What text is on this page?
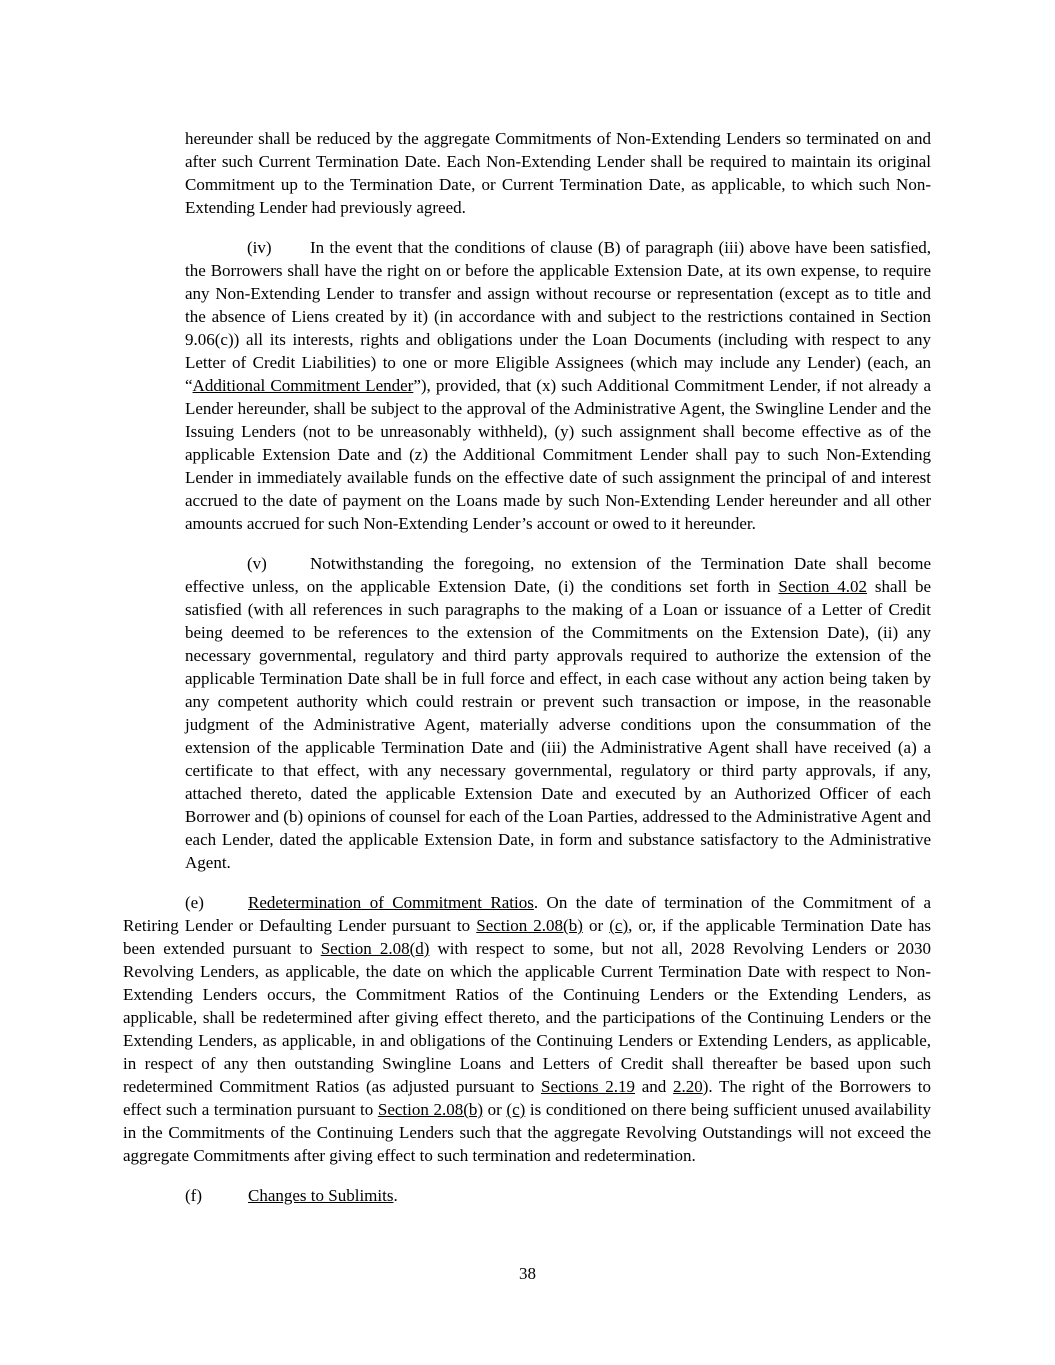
hereunder shall be reduced by the aggregate Commitments of Non-Extending Lenders so terminated on and after such Current Termination Date. Each Non-Extending Lender shall be required to maintain its original Commitment up to the Termination Date, or Current Termination Date, as applicable, to which such Non-Extending Lender had previously agreed.

(iv) In the event that the conditions of clause (B) of paragraph (iii) above have been satisfied, the Borrowers shall have the right on or before the applicable Extension Date, at its own expense, to require any Non-Extending Lender to transfer and assign without recourse or representation (except as to title and the absence of Liens created by it) (in accordance with and subject to the restrictions contained in Section 9.06(c)) all its interests, rights and obligations under the Loan Documents (including with respect to any Letter of Credit Liabilities) to one or more Eligible Assignees (which may include any Lender) (each, an “Additional Commitment Lender”), provided, that (x) such Additional Commitment Lender, if not already a Lender hereunder, shall be subject to the approval of the Administrative Agent, the Swingline Lender and the Issuing Lenders (not to be unreasonably withheld), (y) such assignment shall become effective as of the applicable Extension Date and (z) the Additional Commitment Lender shall pay to such Non-Extending Lender in immediately available funds on the effective date of such assignment the principal of and interest accrued to the date of payment on the Loans made by such Non-Extending Lender hereunder and all other amounts accrued for such Non-Extending Lender’s account or owed to it hereunder.

(v)	Notwithstanding the foregoing, no extension of the Termination Date shall become effective unless, on the applicable Extension Date, (i) the conditions set forth in Section 4.02 shall be satisfied (with all references in such paragraphs to the making of a Loan or issuance of a Letter of Credit being deemed to be references to the extension of the Commitments on the Extension Date), (ii) any necessary governmental, regulatory and third party approvals required to authorize the extension of the applicable Termination Date shall be in full force and effect, in each case without any action being taken by any competent authority which could restrain or prevent such transaction or impose, in the reasonable judgment of the Administrative Agent, materially adverse conditions upon the consummation of the extension of the applicable Termination Date and (iii) the Administrative Agent shall have received (a) a certificate to that effect, with any necessary governmental, regulatory or third party approvals, if any, attached thereto, dated the applicable Extension Date and executed by an Authorized Officer of each Borrower and (b) opinions of counsel for each of the Loan Parties, addressed to the Administrative Agent and each Lender, dated the applicable Extension Date, in form and substance satisfactory to the Administrative Agent.

(e)	Redetermination of Commitment Ratios. On the date of termination of the Commitment of a Retiring Lender or Defaulting Lender pursuant to Section 2.08(b) or (c), or, if the applicable Termination Date has been extended pursuant to Section 2.08(d) with respect to some, but not all, 2028 Revolving Lenders or 2030 Revolving Lenders, as applicable, the date on which the applicable Current Termination Date with respect to Non-Extending Lenders occurs, the Commitment Ratios of the Continuing Lenders or the Extending Lenders, as applicable, shall be redetermined after giving effect thereto, and the participations of the Continuing Lenders or the Extending Lenders, as applicable, in and obligations of the Continuing Lenders or Extending Lenders, as applicable, in respect of any then outstanding Swingline Loans and Letters of Credit shall thereafter be based upon such redetermined Commitment Ratios (as adjusted pursuant to Sections 2.19 and 2.20). The right of the Borrowers to effect such a termination pursuant to Section 2.08(b) or (c) is conditioned on there being sufficient unused availability in the Commitments of the Continuing Lenders such that the aggregate Revolving Outstandings will not exceed the aggregate Commitments after giving effect to such termination and redetermination.

(f)	Changes to Sublimits.

38
